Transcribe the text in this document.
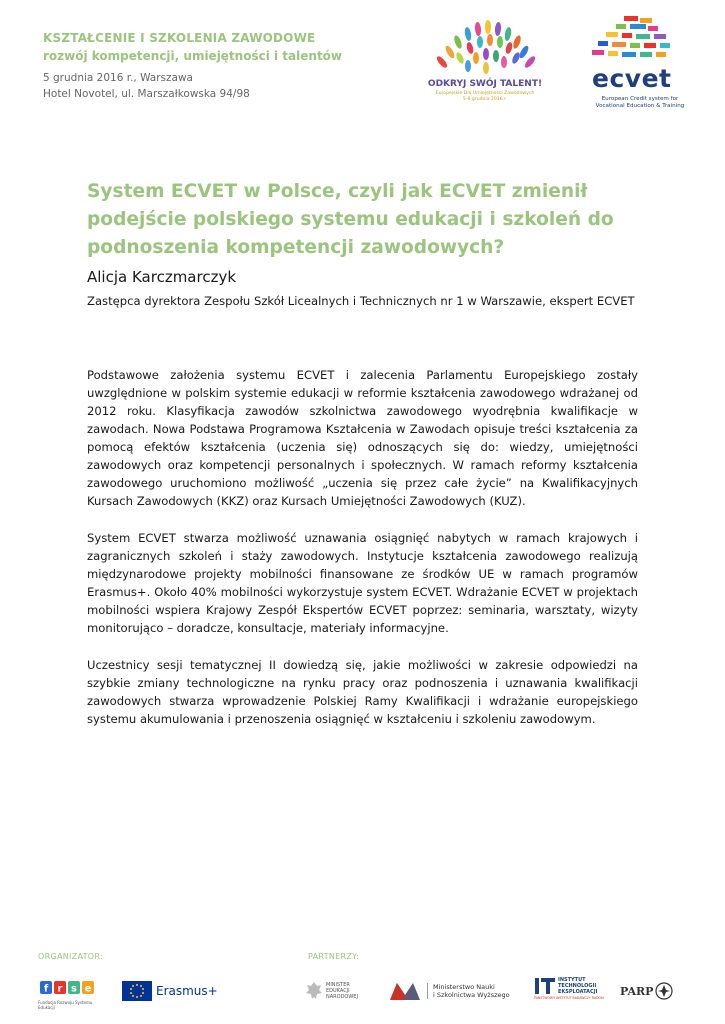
KSZTAŁCENIE I SZKOLENIA ZAWODOWE
rozwój kompetencji, umiejętności i talentów
5 grudnia 2016 r., Warszawa
Hotel Novotel, ul. Marszałkowska 94/98
ODKRYJ SWÓJ TALENT!
Europejskie Dni Umiejętności Zawodowych
5-9 grudnia 2016 r.
ecvet
European Credit system for
Vocational Education & Training
System ECVET w Polsce, czyli jak ECVET zmienił podejście polskiego systemu edukacji i szkoleń do podnoszenia kompetencji zawodowych?
Alicja Karczmarczyk
Zastępca dyrektora Zespołu Szkół Licealnych i Technicznych nr 1 w Warszawie, ekspert ECVET

Podstawowe założenia systemu ECVET i zalecenia Parlamentu Europejskiego zostały uwzględnione w polskim systemie edukacji w reformie kształcenia zawodowego wdrażanej od 2012 roku. Klasyfikacja zawodów szkolnictwa zawodowego wyodrębnia kwalifikacje w zawodach. Nowa Podstawa Programowa Kształcenia w Zawodach opisuje treści kształcenia za pomocą efektów kształcenia (uczenia się) odnoszących się do: wiedzy, umiejętności zawodowych oraz kompetencji personalnych i społecznych. W ramach reformy kształcenia zawodowego uruchomiono możliwość „uczenia się przez całe życie” na Kwalifikacyjnych Kursach Zawodowych (KKZ) oraz Kursach Umiejętności Zawodowych (KUZ).

System ECVET stwarza możliwość uznawania osiągnięć nabytych w ramach krajowych i zagranicznych szkoleń i staży zawodowych. Instytucje kształcenia zawodowego realizują międzynarodowe projekty mobilności finansowane ze środków UE w ramach programów Erasmus+. Około 40% mobilności wykorzystuje system ECVET. Wdrażanie ECVET w projektach mobilności wspiera Krajowy Zespół Ekspertów ECVET poprzez: seminaria, warsztaty, wizyty monitorująco – doradcze, konsultacje, materiały informacyjne.

Uczestnicy sesji tematycznej II dowiedzą się, jakie możliwości w zakresie odpowiedzi na szybkie zmiany technologiczne na rynku pracy oraz podnoszenia i uznawania kwalifikacji zawodowych stwarza wprowadzenie Polskiej Ramy Kwalifikacji i wdrażanie europejskiego systemu akumulowania i przenoszenia osiągnięć w kształceniu i szkoleniu zawodowym.

ORGANIZATOR:	PARTNERZY:
f r s e
Fundacja Rozwoju Systemu Edukacji
Erasmus+	MINISTER
EDUKACJI
NARODOWEJ
Ministerstwo Nauki
i Szkolnictwa Wyższego
INSTYTUT
TECHNOLOGII
EKSPLOATACJI
PAŃSTWOWY INSTYTUT BADAWCZY RADOM
PARP
